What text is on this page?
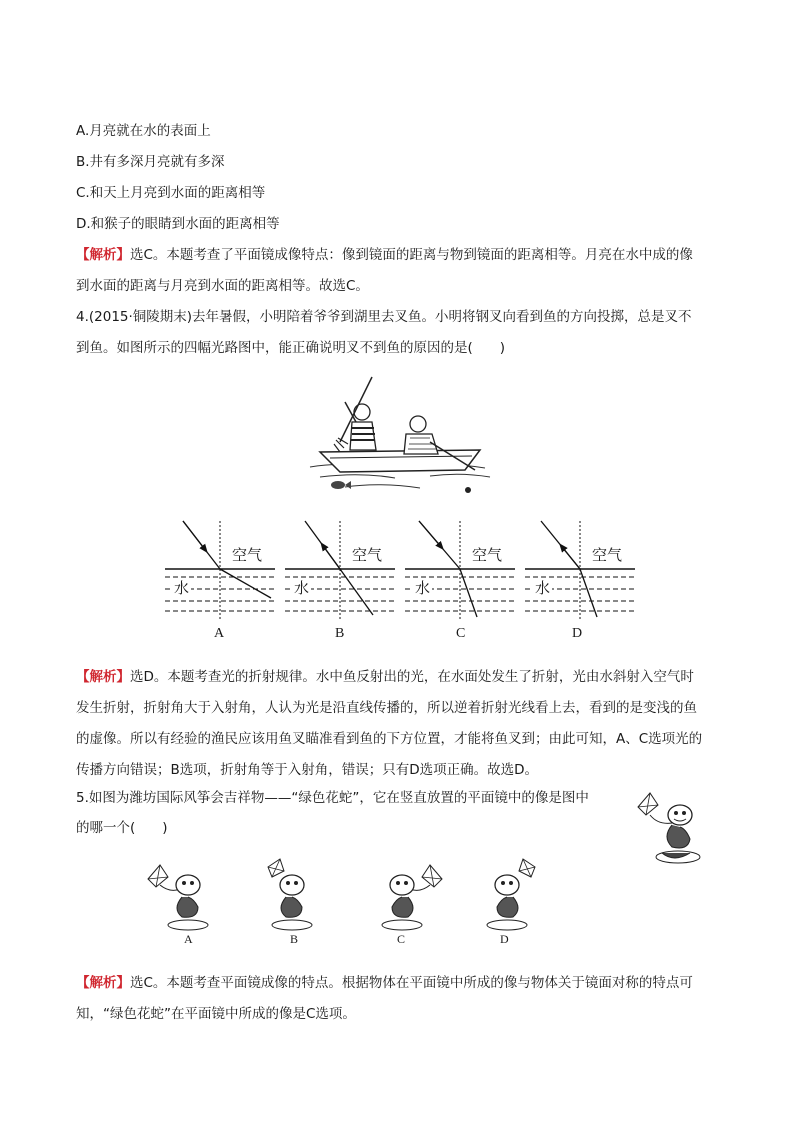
A.月亮就在水的表面上
B.井有多深月亮就有多深
C.和天上月亮到水面的距离相等
D.和猴子的眼睛到水面的距离相等
【解析】选C。本题考查了平面镜成像特点：像到镜面的距离与物到镜面的距离相等。月亮在水中成的像
到水面的距离与月亮到水面的距离相等。故选C。
4.(2015·铜陵期末)去年暑假，小明陪着爷爷到湖里去叉鱼。小明将钢叉向看到鱼的方向投掷，总是叉不
到鱼。如图所示的四幅光路图中，能正确说明叉不到鱼的原因的是(　　)
空气	空气	空气	空气
水	水	水	水
A	B	C	D
【解析】选D。本题考查光的折射规律。水中鱼反射出的光，在水面处发生了折射，光由水斜射入空气时
发生折射，折射角大于入射角，人认为光是沿直线传播的，所以逆着折射光线看上去，看到的是变浅的鱼
的虚像。所以有经验的渔民应该用鱼叉瞄准看到鱼的下方位置，才能将鱼叉到；由此可知，A、C选项光的
传播方向错误；B选项，折射角等于入射角，错误；只有D选项正确。故选D。
5.如图为潍坊国际风筝会吉祥物——“绿色花蛇”，它在竖直放置的平面镜中的像是图中
的哪一个(　　)
A	B	C	D
【解析】选C。本题考查平面镜成像的特点。根据物体在平面镜中所成的像与物体关于镜面对称的特点可
知，“绿色花蛇”在平面镜中所成的像是C选项。
